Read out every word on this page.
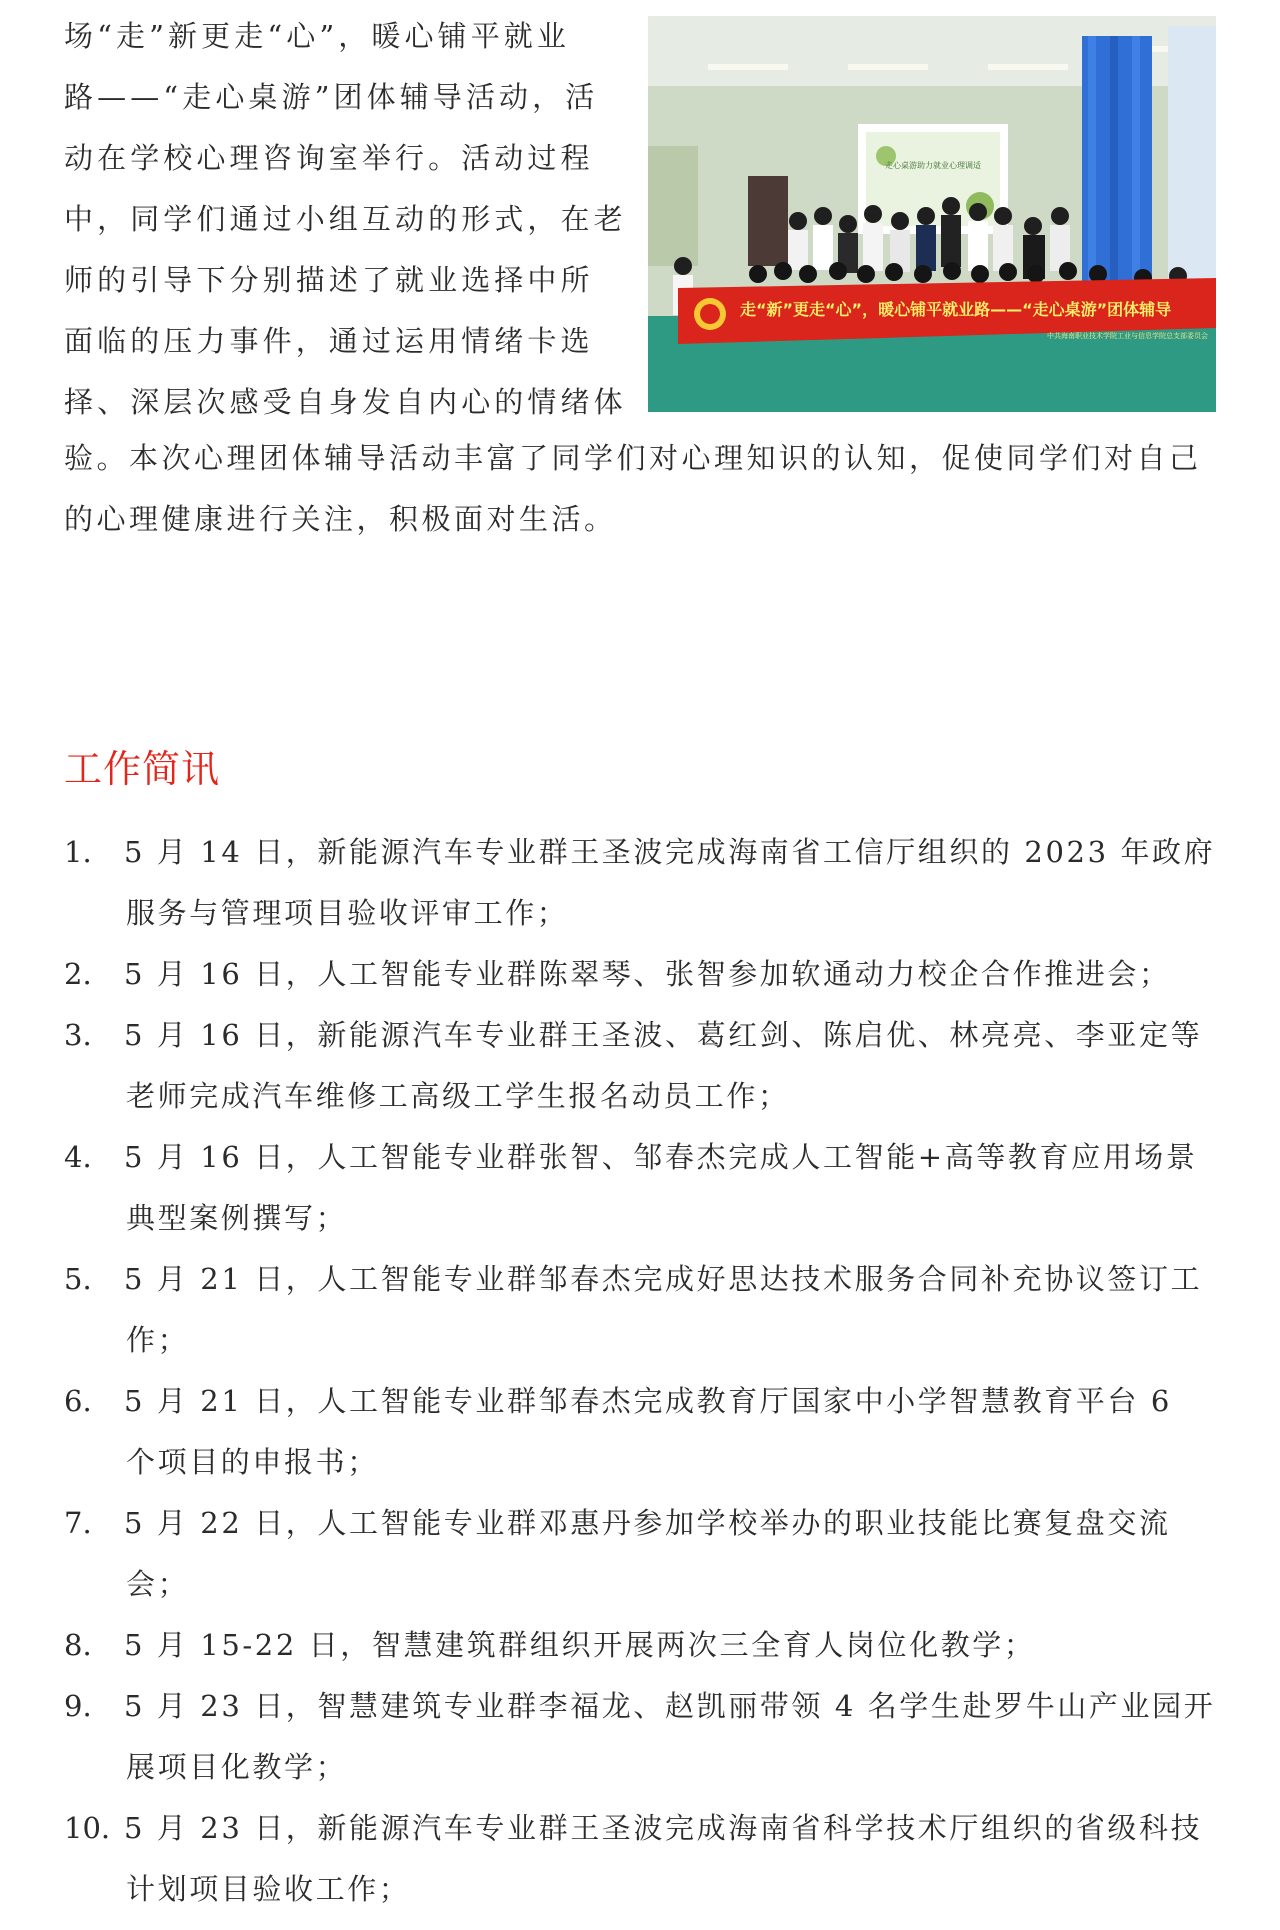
场“走”新更走“心”，暖心铺平就业
路——“走心桌游”团体辅导活动，活
动在学校心理咨询室举行。活动过程
中，同学们通过小组互动的形式，在老
师的引导下分别描述了就业选择中所
面临的压力事件，通过运用情绪卡选
择、深层次感受自身发自内心的情绪体
走心桌游助力就业心理调适
走“新”更走“心”，暖心铺平就业路——“走心桌游”团体辅导
中共海南职业技术学院工业与信息学院总支部委员会
验。本次心理团体辅导活动丰富了同学们对心理知识的认知，促使同学们对自己
的心理健康进行关注，积极面对生活。
工作简讯
1. 5 月 14 日，新能源汽车专业群王圣波完成海南省工信厅组织的 2023 年政府
服务与管理项目验收评审工作；
2. 5 月 16 日，人工智能专业群陈翠琴、张智参加软通动力校企合作推进会；
3. 5 月 16 日，新能源汽车专业群王圣波、葛红剑、陈启优、林亮亮、李亚定等
老师完成汽车维修工高级工学生报名动员工作；
4. 5 月 16 日，人工智能专业群张智、邹春杰完成人工智能+高等教育应用场景
典型案例撰写；
5. 5 月 21 日，人工智能专业群邹春杰完成好思达技术服务合同补充协议签订工
作；
6. 5 月 21 日，人工智能专业群邹春杰完成教育厅国家中小学智慧教育平台 6
个项目的申报书；
7. 5 月 22 日，人工智能专业群邓惠丹参加学校举办的职业技能比赛复盘交流
会；
8. 5 月 15-22 日，智慧建筑群组织开展两次三全育人岗位化教学；
9. 5 月 23 日，智慧建筑专业群李福龙、赵凯丽带领 4 名学生赴罗牛山产业园开
展项目化教学；
10. 5 月 23 日，新能源汽车专业群王圣波完成海南省科学技术厅组织的省级科技
计划项目验收工作；
